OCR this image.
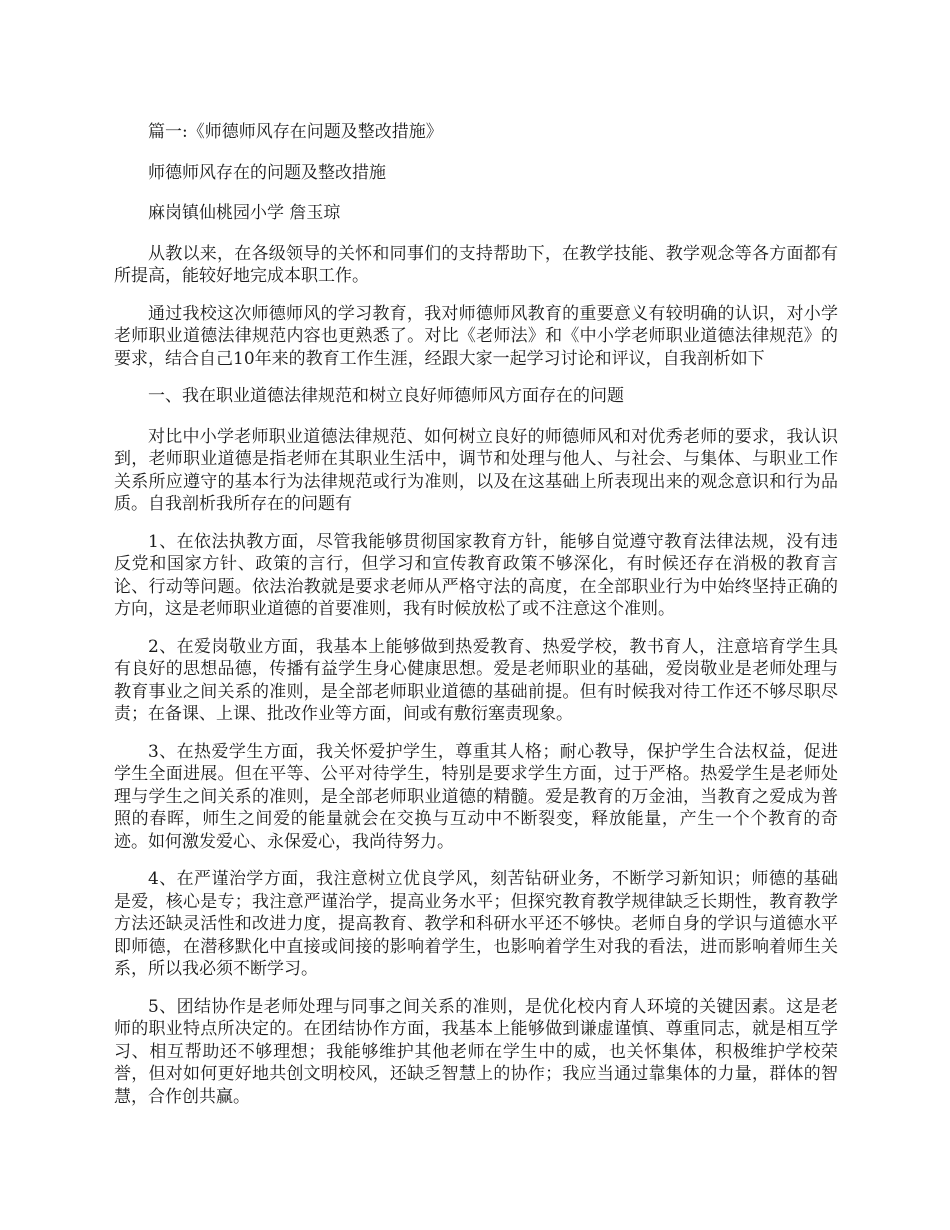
篇一:《师德师风存在问题及整改措施》

师德师风存在的问题及整改措施

麻岗镇仙桃园小学 詹玉琼

从教以来，在各级领导的关怀和同事们的支持帮助下，在教学技能、教学观念等各方面都有所提高，能较好地完成本职工作。

通过我校这次师德师风的学习教育，我对师德师风教育的重要意义有较明确的认识，对小学老师职业道德法律规范内容也更熟悉了。对比《老师法》和《中小学老师职业道德法律规范》的要求，结合自己10年来的教育工作生涯，经跟大家一起学习讨论和评议，自我剖析如下

一、我在职业道德法律规范和树立良好师德师风方面存在的问题

对比中小学老师职业道德法律规范、如何树立良好的师德师风和对优秀老师的要求，我认识到，老师职业道德是指老师在其职业生活中，调节和处理与他人、与社会、与集体、与职业工作关系所应遵守的基本行为法律规范或行为准则，以及在这基础上所表现出来的观念意识和行为品质。自我剖析我所存在的问题有

1、在依法执教方面，尽管我能够贯彻国家教育方针，能够自觉遵守教育法律法规，没有违反党和国家方针、政策的言行，但学习和宣传教育政策不够深化，有时候还存在消极的教育言论、行动等问题。依法治教就是要求老师从严格守法的高度，在全部职业行为中始终坚持正确的方向，这是老师职业道德的首要准则，我有时候放松了或不注意这个准则。

2、在爱岗敬业方面，我基本上能够做到热爱教育、热爱学校，教书育人，注意培育学生具有良好的思想品德，传播有益学生身心健康思想。爱是老师职业的基础，爱岗敬业是老师处理与教育事业之间关系的准则，是全部老师职业道德的基础前提。但有时候我对待工作还不够尽职尽责；在备课、上课、批改作业等方面，间或有敷衍塞责现象。

3、在热爱学生方面，我关怀爱护学生，尊重其人格；耐心教导，保护学生合法权益，促进学生全面进展。但在平等、公平对待学生，特别是要求学生方面，过于严格。热爱学生是老师处理与学生之间关系的准则，是全部老师职业道德的精髓。爱是教育的万金油，当教育之爱成为普照的春晖，师生之间爱的能量就会在交换与互动中不断裂变，释放能量，产生一个个教育的奇迹。如何激发爱心、永保爱心，我尚待努力。

4、在严谨治学方面，我注意树立优良学风，刻苦钻研业务，不断学习新知识；师德的基础是爱，核心是专；我注意严谨治学，提高业务水平；但探究教育教学规律缺乏长期性，教育教学方法还缺灵活性和改进力度，提高教育、教学和科研水平还不够快。老师自身的学识与道德水平即师德，在潜移默化中直接或间接的影响着学生，也影响着学生对我的看法，进而影响着师生关系，所以我必须不断学习。

5、团结协作是老师处理与同事之间关系的准则，是优化校内育人环境的关键因素。这是老师的职业特点所决定的。在团结协作方面，我基本上能够做到谦虚谨慎、尊重同志，就是相互学习、相互帮助还不够理想；我能够维护其他老师在学生中的威，也关怀集体，积极维护学校荣誉，但对如何更好地共创文明校风，还缺乏智慧上的协作；我应当通过靠集体的力量，群体的智慧，合作创共赢。
